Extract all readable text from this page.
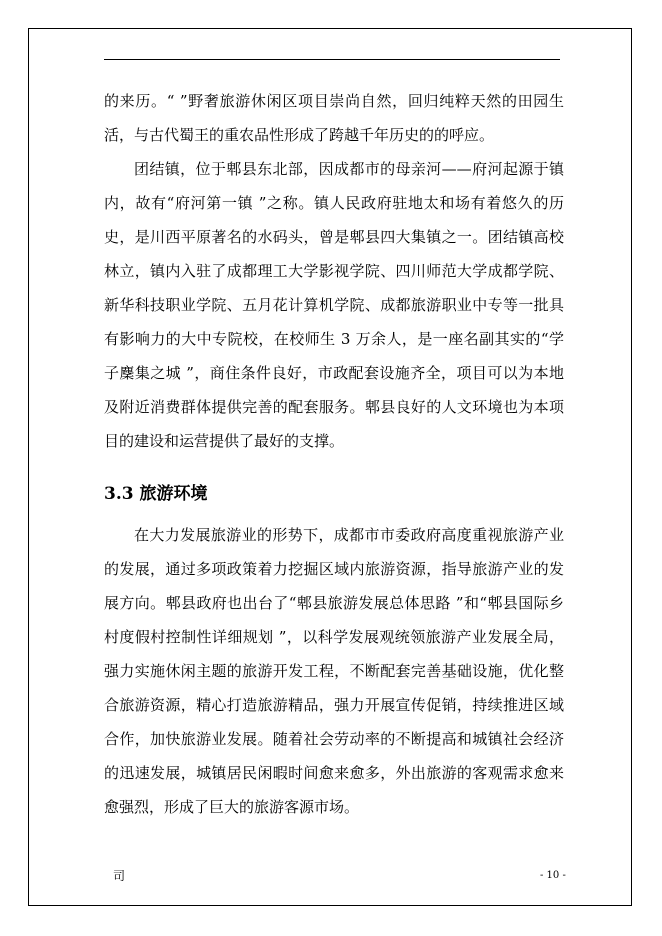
的来历。“ ”野奢旅游休闲区项目崇尚自然，回归纯粹天然的田园生活，与古代蜀王的重农品性形成了跨越千年历史的的呼应。

团结镇，位于郫县东北部，因成都市的母亲河——府河起源于镇内，故有“府河第一镇 ”之称。镇人民政府驻地太和场有着悠久的历史，是川西平原著名的水码头，曾是郫县四大集镇之一。团结镇高校林立，镇内入驻了成都理工大学影视学院、四川师范大学成都学院、新华科技职业学院、五月花计算机学院、成都旅游职业中专等一批具有影响力的大中专院校，在校师生 3 万余人，是一座名副其实的“学子麇集之城 ”，商住条件良好，市政配套设施齐全，项目可以为本地及附近消费群体提供完善的配套服务。郫县良好的人文环境也为本项目的建设和运营提供了最好的支撑。

3.3 旅游环境

在大力发展旅游业的形势下，成都市市委政府高度重视旅游产业的发展，通过多项政策着力挖掘区域内旅游资源，指导旅游产业的发展方向。郫县政府也出台了“郫县旅游发展总体思路 ”和“郫县国际乡村度假村控制性详细规划 ”，以科学发展观统领旅游产业发展全局，强力实施休闲主题的旅游开发工程，不断配套完善基础设施，优化整合旅游资源，精心打造旅游精品，强力开展宣传促销，持续推进区域合作，加快旅游业发展。随着社会劳动率的不断提高和城镇社会经济的迅速发展，城镇居民闲暇时间愈来愈多，外出旅游的客观需求愈来愈强烈，形成了巨大的旅游客源市场。

司	- 10 -
